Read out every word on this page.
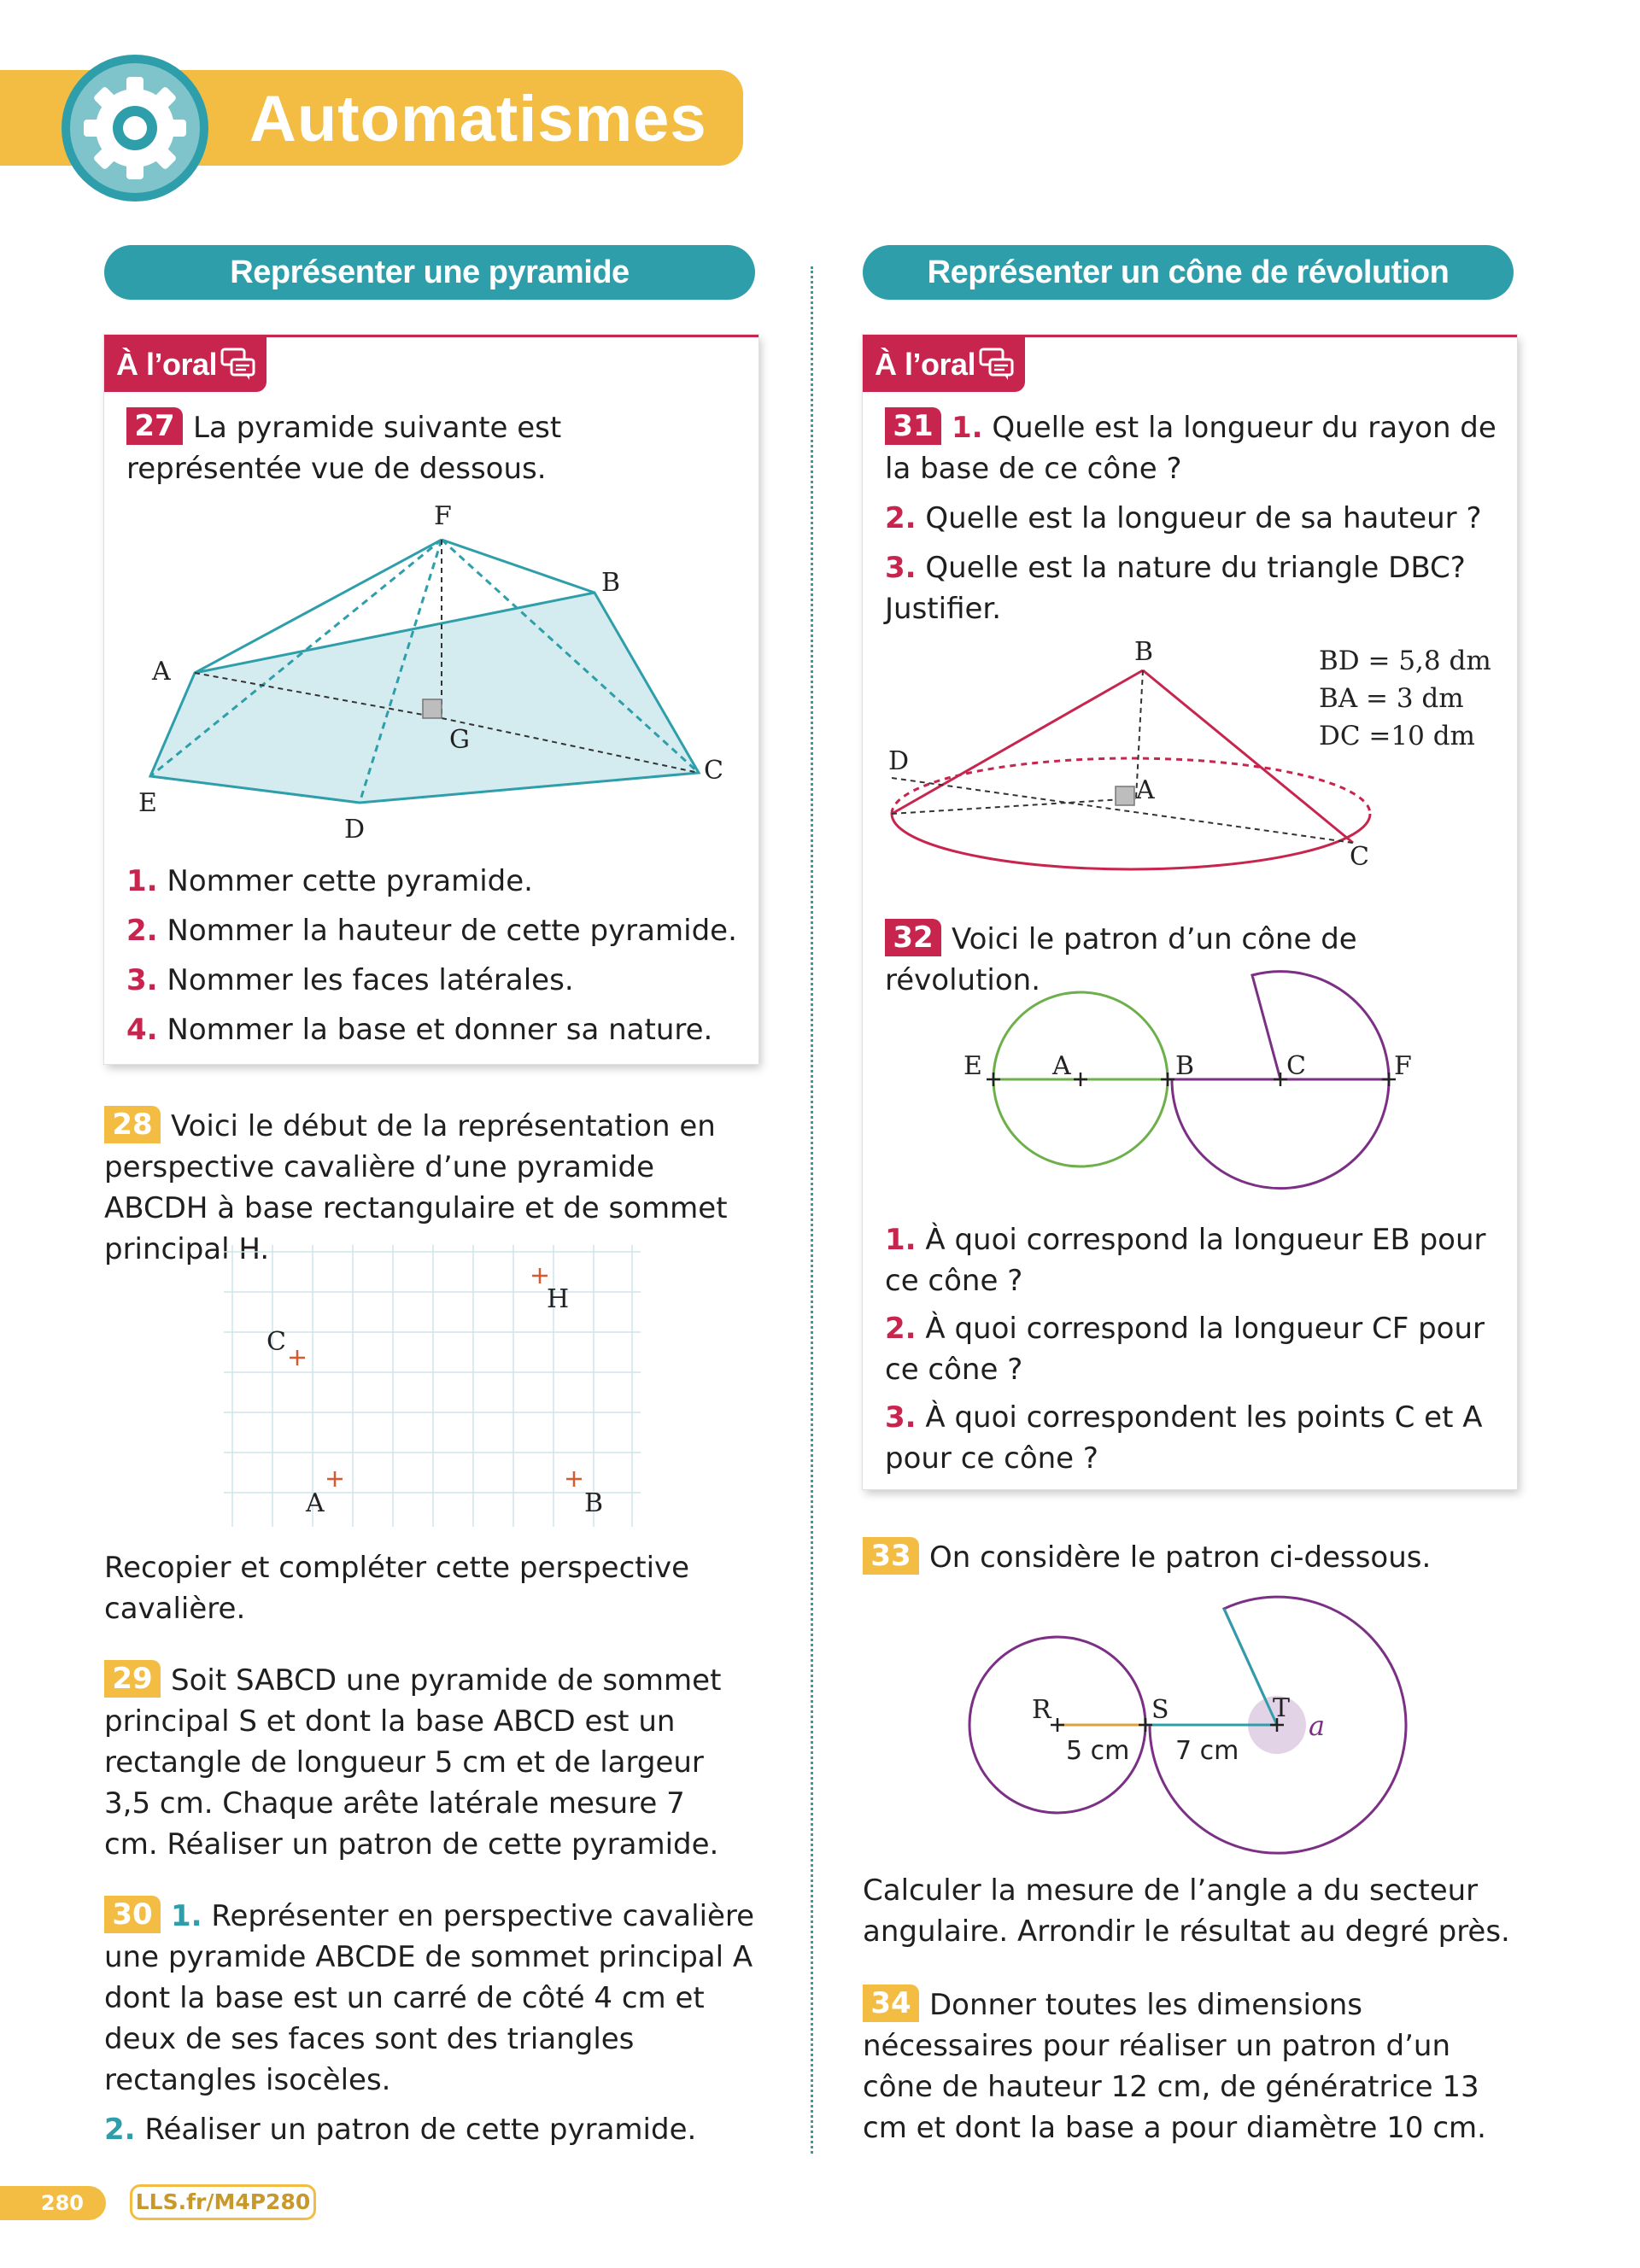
Automatismes
Représenter une pyramide	Représenter un cône de révolution
À l’oral
27 La pyramide suivante est représentée vue de dessous.
F
B
A
G
C
E
D
1. Nommer cette pyramide.
2. Nommer la hauteur de cette pyramide.
3. Nommer les faces latérales.
4. Nommer la base et donner sa nature.
28 Voici le début de la représentation en perspective cavalière d’une pyramide ABCDH à base rectangulaire et de sommet principal H.
H
C
A	B
Recopier et compléter cette perspective cavalière.
29 Soit SABCD une pyramide de sommet principal S et dont la base ABCD est un rectangle de longueur 5 cm et de largeur 3,5 cm. Chaque arête latérale mesure 7 cm. Réaliser un patron de cette pyramide.
30 1. Représenter en perspective cavalière une pyramide ABCDE de sommet principal A dont la base est un carré de côté 4 cm et deux de ses faces sont des triangles rectangles isocèles.
2. Réaliser un patron de cette pyramide.
À l’oral
31 1. Quelle est la longueur du rayon de la base de ce cône ?
2. Quelle est la longueur de sa hauteur ?
3. Quelle est la nature du triangle DBC? Justifier.
B
D
A
C
BD = 5,8 dm
BA = 3 dm
DC =10 dm
32 Voici le patron d’un cône de révolution.
E	A	B	C	F
1. À quoi correspond la longueur EB pour ce cône ?
2. À quoi correspond la longueur CF pour ce cône ?
3. À quoi correspondent les points C et A pour ce cône ?
33 On considère le patron ci-dessous.
R	S	T
a
5 cm 7 cm
Calculer la mesure de l’angle a du secteur angulaire. Arrondir le résultat au degré près.
34 Donner toutes les dimensions nécessaires pour réaliser un patron d’un cône de hauteur 12 cm, de génératrice 13 cm et dont la base a pour diamètre 10 cm.
280	LLS.fr/M4P280
